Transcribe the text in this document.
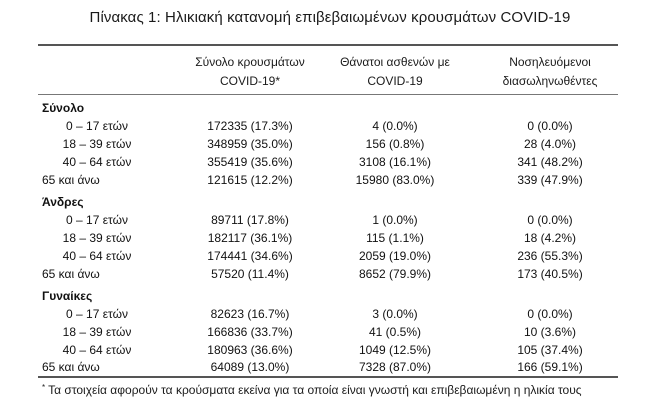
Πίνακας 1: Ηλικιακή κατανομή επιβεβαιωμένων κρουσμάτων COVID-19
Σύνολο κρουσμάτων
COVID-19*
Θάνατοι ασθενών με
COVID-19
Νοσηλευόμενοι
διασωληνωθέντες
Σύνολο
0 – 17 ετών	172335 (17.3%)	4 (0.0%)	0 (0.0%)
18 – 39 ετών	348959 (35.0%)	156 (0.8%)	28 (4.0%)
40 – 64 ετών	355419 (35.6%)	3108 (16.1%)	341 (48.2%)
65 και άνω	121615 (12.2%)	15980 (83.0%)	339 (47.9%)
Άνδρες
0 – 17 ετών	89711 (17.8%)	1 (0.0%)	0 (0.0%)
18 – 39 ετών	182117 (36.1%)	115 (1.1%)	18 (4.2%)
40 – 64 ετών	174441 (34.6%)	2059 (19.0%)	236 (55.3%)
65 και άνω	57520 (11.4%)	8652 (79.9%)	173 (40.5%)
Γυναίκες
0 – 17 ετών	82623 (16.7%)	3 (0.0%)	0 (0.0%)
18 – 39 ετών	166836 (33.7%)	41 (0.5%)	10 (3.6%)
40 – 64 ετών	180963 (36.6%)	1049 (12.5%)	105 (37.4%)
65 και άνω	64089 (13.0%)	7328 (87.0%)	166 (59.1%)
* Τα στοιχεία αφορούν τα κρούσματα εκείνα για τα οποία είναι γνωστή και επιβεβαιωμένη η ηλικία τους
